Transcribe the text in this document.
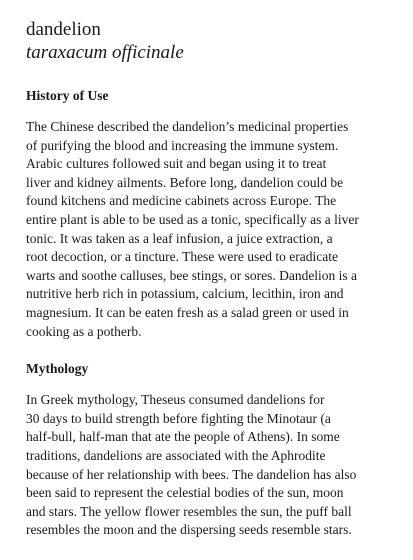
dandelion
taraxacum officinale
History of Use

The Chinese described the dandelion’s medicinal properties
of purifying the blood and increasing the immune system.
Arabic cultures followed suit and began using it to treat
liver and kidney ailments. Before long, dandelion could be
found kitchens and medicine cabinets across Europe. The
entire plant is able to be used as a tonic, specifically as a liver
tonic. It was taken as a leaf infusion, a juice extraction, a
root decoction, or a tincture. These were used to eradicate
warts and soothe calluses, bee stings, or sores. Dandelion is a
nutritive herb rich in potassium, calcium, lecithin, iron and
magnesium. It can be eaten fresh as a salad green or used in
cooking as a potherb.

Mythology

In Greek mythology, Theseus consumed dandelions for
30 days to build strength before fighting the Minotaur (a
half-bull, half-man that ate the people of Athens). In some
traditions, dandelions are associated with the Aphrodite
because of her relationship with bees. The dandelion has also
been said to represent the celestial bodies of the sun, moon
and stars. The yellow flower resembles the sun, the puff ball
resembles the moon and the dispersing seeds resemble stars.
